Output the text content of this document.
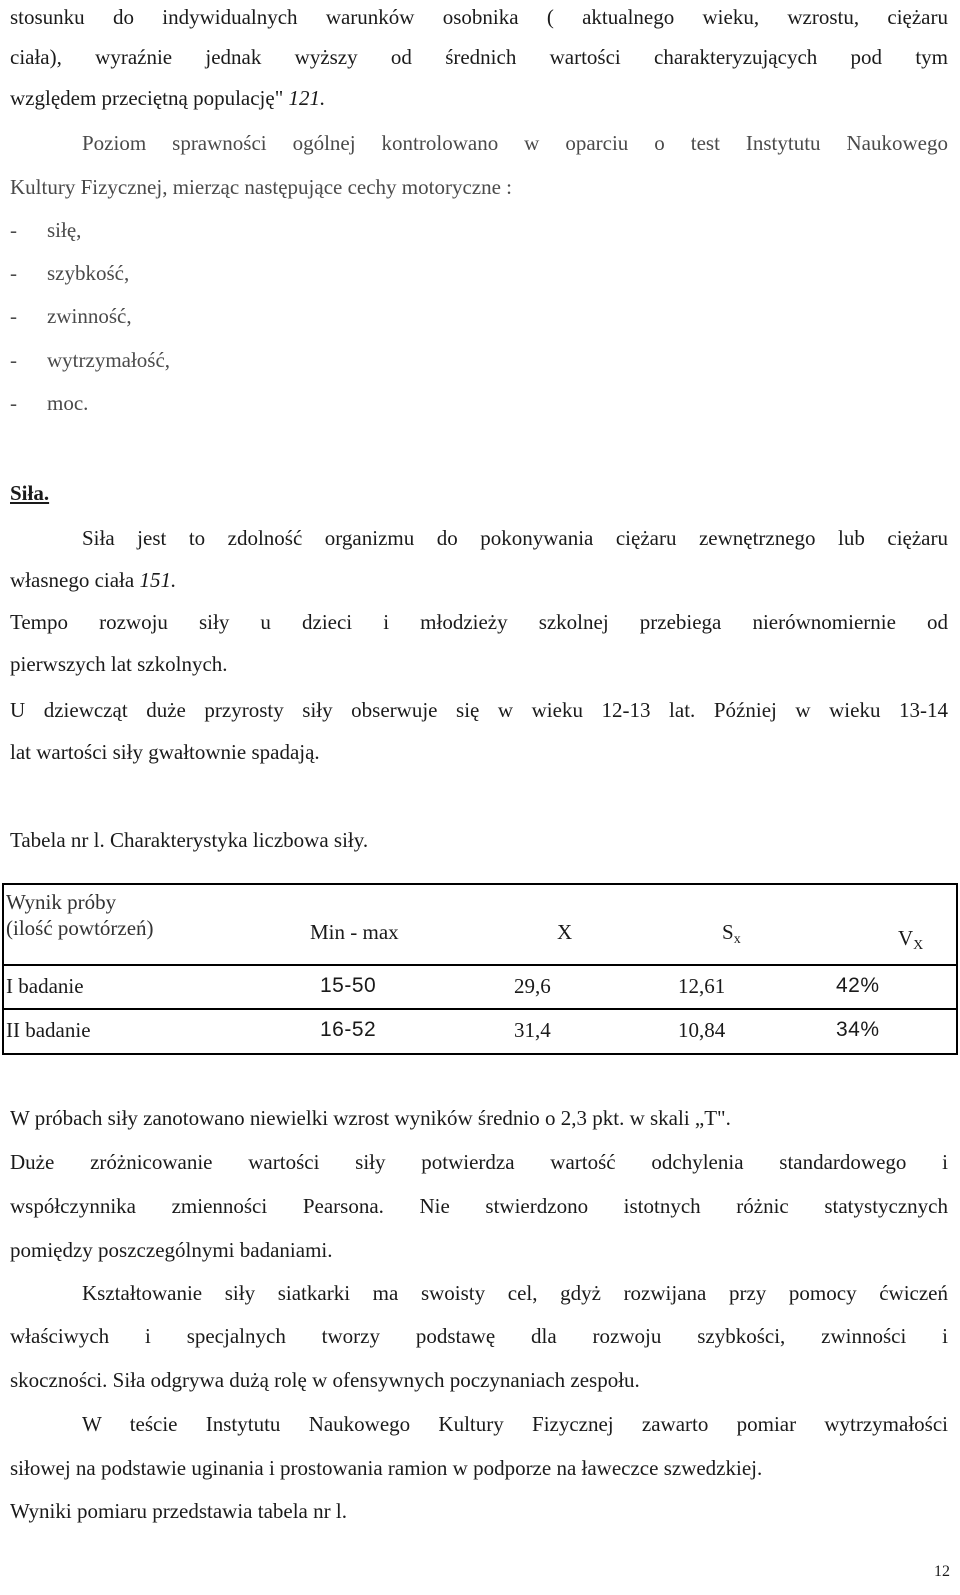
stosunku do indywidualnych warunków osobnika ( aktualnego wieku, wzrostu, ciężaru
ciała), wyraźnie jednak wyższy od średnich wartości charakteryzujących pod tym
względem przeciętną populację" 121.
Poziom sprawności ogólnej kontrolowano w oparciu o test Instytutu Naukowego
Kultury Fizycznej, mierząc następujące cechy motoryczne :
- siłę,
- szybkość,
- zwinność,
- wytrzymałość,
- moc.
Siła.
Siła jest to zdolność organizmu do pokonywania ciężaru zewnętrznego lub ciężaru
własnego ciała 151.
Tempo rozwoju siły u dzieci i młodzieży szkolnej przebiega nierównomiernie od
pierwszych lat szkolnych.
U dziewcząt duże przyrosty siły obserwuje się w wieku 12-13 lat. Później w wieku 13-14
lat wartości siły gwałtownie spadają.
Tabela nr l. Charakterystyka liczbowa siły.
Wynik próby
(ilość powtórzeń)	Min - max	X	$S_x$	$V_X$
I badanie	15-50	29,6	12,61	42%
II badanie	16-52	31,4	10,84	34%
W próbach siły zanotowano niewielki wzrost wyników średnio o 2,3 pkt. w skali „T".
Duże zróżnicowanie wartości siły potwierdza wartość odchylenia standardowego i
współczynnika zmienności Pearsona. Nie stwierdzono istotnych różnic statystycznych
pomiędzy poszczególnymi badaniami.
Kształtowanie siły siatkarki ma swoisty cel, gdyż rozwijana przy pomocy ćwiczeń
właściwych i specjalnych tworzy podstawę dla rozwoju szybkości, zwinności i
skoczności. Siła odgrywa dużą rolę w ofensywnych poczynaniach zespołu.
W teście Instytutu Naukowego Kultury Fizycznej zawarto pomiar wytrzymałości
siłowej na podstawie uginania i prostowania ramion w podporze na ławeczce szwedzkiej.
Wyniki pomiaru przedstawia tabela nr l.
12
